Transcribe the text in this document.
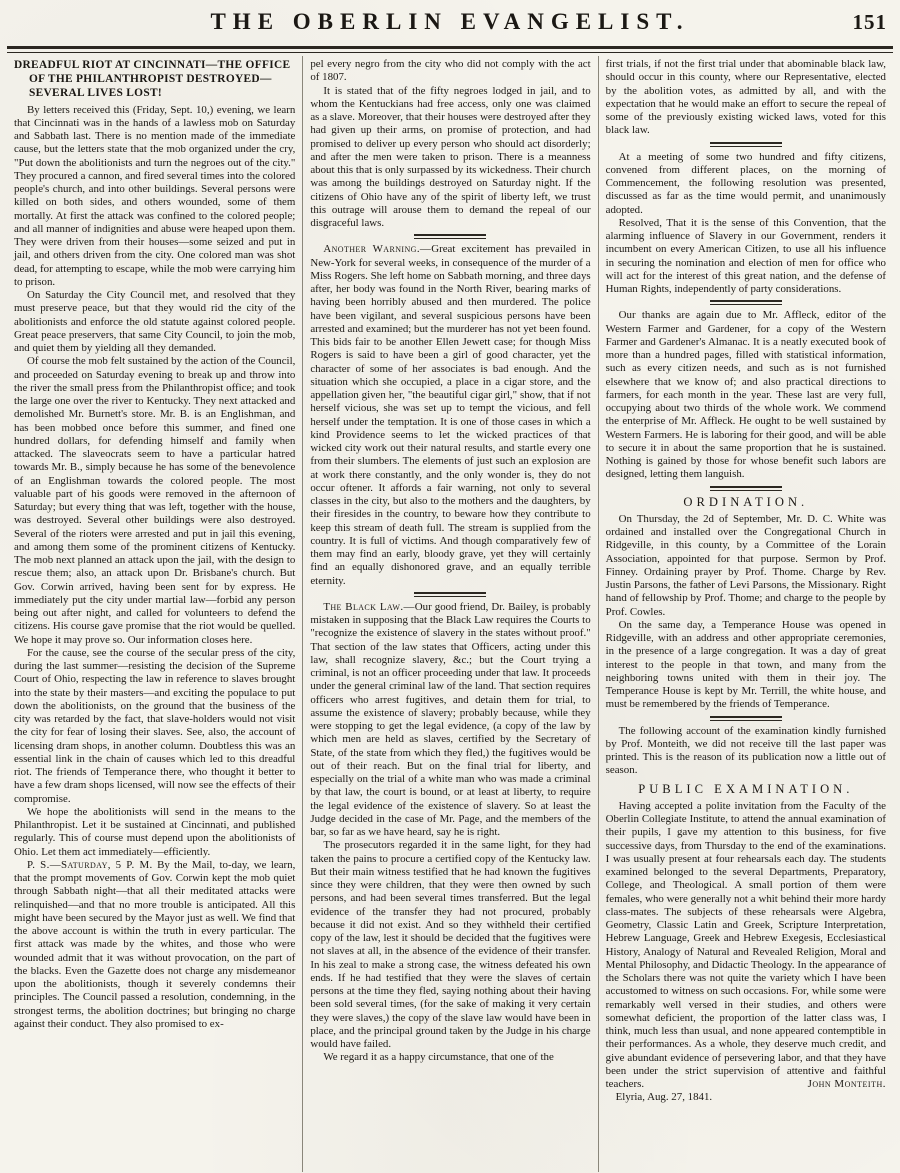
THE OBERLIN EVANGELIST.	151

DREADFUL RIOT AT CINCINNATI—THE OFFICE OF THE PHILANTHROPIST DESTROYED—SEVERAL LIVES LOST!

By letters received this (Friday, Sept. 10,) evening, we learn that Cincinnati was in the hands of a lawless mob on Saturday and Sabbath last. There is no mention made of the immediate cause, but the letters state that the mob organized under the cry, "Put down the abolitionists and turn the negroes out of the city." They procured a cannon, and fired several times into the colored people's church, and into other buildings. Several persons were killed on both sides, and others wounded, some of them mortally. At first the attack was confined to the colored people; and all manner of indignities and abuse were heaped upon them. They were driven from their houses—some seized and put in jail, and others driven from the city. One colored man was shot dead, for attempting to escape, while the mob were carrying him to prison.

On Saturday the City Council met, and resolved that they must preserve peace, but that they would rid the city of the abolitionists and enforce the old statute against colored people. Great peace preservers, that same City Council, to join the mob, and quiet them by yielding all they demanded.

Of course the mob felt sustained by the action of the Council, and proceeded on Saturday evening to break up and throw into the river the small press from the Philanthropist office; and took the large one over the river to Kentucky. They next attacked and demolished Mr. Burnett's store. Mr. B. is an Englishman, and has been mobbed once before this summer, and fined one hundred dollars, for defending himself and family when attacked. The slaveocrats seem to have a particular hatred towards Mr. B., simply because he has some of the benevolence of an Englishman towards the colored people. The most valuable part of his goods were removed in the afternoon of Saturday; but every thing that was left, together with the house, was destroyed. Several other buildings were also destroyed. Several of the rioters were arrested and put in jail this evening, and among them some of the prominent citizens of Kentucky. The mob next planned an attack upon the jail, with the design to rescue them; also, an attack upon Dr. Brisbane's church. But Gov. Corwin arrived, having been sent for by express. He immediately put the city under martial law—forbid any person being out after night, and called for volunteers to defend the citizens. His course gave promise that the riot would be quelled. We hope it may prove so. Our information closes here.

For the cause, see the course of the secular press of the city, during the last summer—resisting the decision of the Supreme Court of Ohio, respecting the law in reference to slaves brought into the state by their masters—and exciting the populace to put down the abolitionists, on the ground that the business of the city was retarded by the fact, that slave-holders would not visit the city for fear of losing their slaves. See, also, the account of licensing dram shops, in another column. Doubtless this was an essential link in the chain of causes which led to this dreadful riot. The friends of Temperance there, who thought it better to have a few dram shops licensed, will now see the effects of their compromise.

We hope the abolitionists will send in the means to the Philanthropist. Let it be sustained at Cincinnati, and published regularly. This of course must depend upon the abolitionists of Ohio. Let them act immediately—efficiently.

P. S.—Saturday, 5 P. M. By the Mail, to-day, we learn, that the prompt movements of Gov. Corwin kept the mob quiet through Sabbath night—that all their meditated attacks were relinquished—and that no more trouble is anticipated. All this might have been secured by the Mayor just as well. We find that the above account is within the truth in every particular. The first attack was made by the whites, and those who were wounded admit that it was without provocation, on the part of the blacks. Even the Gazette does not charge any misdemeanor upon the abolitionists, though it severely condemns their principles. The Council passed a resolution, condemning, in the strongest terms, the abolition doctrines; but bringing no charge against their conduct. They also promised to ex-

pel every negro from the city who did not comply with the act of 1807.

It is stated that of the fifty negroes lodged in jail, and to whom the Kentuckians had free access, only one was claimed as a slave. Moreover, that their houses were destroyed after they had given up their arms, on promise of protection, and had promised to deliver up every person who should act disorderly; and after the men were taken to prison. There is a meanness about this that is only surpassed by its wickedness. Their church was among the buildings destroyed on Saturday night. If the citizens of Ohio have any of the spirit of liberty left, we trust this outrage will arouse them to demand the repeal of our disgraceful laws.

Another Warning.—Great excitement has prevailed in New-York for several weeks, in consequence of the murder of a Miss Rogers. She left home on Sabbath morning, and three days after, her body was found in the North River, bearing marks of having been horribly abused and then murdered. The police have been vigilant, and several suspicious persons have been arrested and examined; but the murderer has not yet been found. This bids fair to be another Ellen Jewett case; for though Miss Rogers is said to have been a girl of good character, yet the character of some of her associates is bad enough. And the situation which she occupied, a place in a cigar store, and the appellation given her, "the beautiful cigar girl," show, that if not herself vicious, she was set up to tempt the vicious, and fell herself under the temptation. It is one of those cases in which a kind Providence seems to let the wicked practices of that wicked city work out their natural results, and startle every one from their slumbers. The elements of just such an explosion are at work there constantly, and the only wonder is, they do not occur oftener. It affords a fair warning, not only to several classes in the city, but also to the mothers and the daughters, by their firesides in the country, to beware how they contribute to keep this stream of death full. The stream is supplied from the country. It is full of victims. And though comparatively few of them may find an early, bloody grave, yet they will certainly find an equally dishonored grave, and an equally terrible eternity.

The Black Law.—Our good friend, Dr. Bailey, is probably mistaken in supposing that the Black Law requires the Courts to "recognize the existence of slavery in the states without proof." That section of the law states that Officers, acting under this law, shall recognize slavery, &c.; but the Court trying a criminal, is not an officer proceeding under that law. It proceeds under the general criminal law of the land. That section requires officers who arrest fugitives, and detain them for trial, to assume the existence of slavery; probably because, while they were stopping to get the legal evidence, (a copy of the law by which men are held as slaves, certified by the Secretary of State, of the state from which they fled,) the fugitives would be out of their reach. But on the final trial for liberty, and especially on the trial of a white man who was made a criminal by that law, the court is bound, or at least at liberty, to require the legal evidence of the existence of slavery. So at least the Judge decided in the case of Mr. Page, and the members of the bar, so far as we have heard, say he is right.

The prosecutors regarded it in the same light, for they had taken the pains to procure a certified copy of the Kentucky law. But their main witness testified that he had known the fugitives since they were children, that they were then owned by such persons, and had been several times transferred. But the legal evidence of the transfer they had not procured, probably because it did not exist. And so they withheld their certified copy of the law, lest it should be decided that the fugitives were not slaves at all, in the absence of the evidence of their transfer. In his zeal to make a strong case, the witness defeated his own ends. If he had testified that they were the slaves of certain persons at the time they fled, saying nothing about their having been sold several times, (for the sake of making it very certain they were slaves,) the copy of the slave law would have been in place, and the principal ground taken by the Judge in his charge would have failed.

We regard it as a happy circumstance, that one of the

first trials, if not the first trial under that abominable black law, should occur in this county, where our Representative, elected by the abolition votes, as admitted by all, and with the expectation that he would make an effort to secure the repeal of some of the previously existing wicked laws, voted for this black law.

At a meeting of some two hundred and fifty citizens, convened from different places, on the morning of Commencement, the following resolution was presented, discussed as far as the time would permit, and unanimously adopted.

Resolved, That it is the sense of this Convention, that the alarming influence of Slavery in our Government, renders it incumbent on every American Citizen, to use all his influence in securing the nomination and election of men for office who will act for the interest of this great nation, and the defense of Human Rights, independently of party considerations.

Our thanks are again due to Mr. Affleck, editor of the Western Farmer and Gardener, for a copy of the Western Farmer and Gardener's Almanac. It is a neatly executed book of more than a hundred pages, filled with statistical information, such as every citizen needs, and such as is not furnished elsewhere that we know of; and also practical directions to farmers, for each month in the year. These last are very full, occupying about two thirds of the whole work. We commend the enterprise of Mr. Affleck. He ought to be well sustained by Western Farmers. He is laboring for their good, and will be able to secure it in about the same proportion that he is sustained. Nothing is gained by those for whose benefit such labors are designed, letting them languish.

ORDINATION.

On Thursday, the 2d of September, Mr. D. C. White was ordained and installed over the Congregational Church in Ridgeville, in this county, by a Committee of the Lorain Association, appointed for that purpose. Sermon by Prof. Finney. Ordaining prayer by Prof. Thome. Charge by Rev. Justin Parsons, the father of Levi Parsons, the Missionary. Right hand of fellowship by Prof. Thome; and charge to the people by Prof. Cowles.

On the same day, a Temperance House was opened in Ridgeville, with an address and other appropriate ceremonies, in the presence of a large congregation. It was a day of great interest to the people in that town, and many from the neighboring towns united with them in their joy. The Temperance House is kept by Mr. Terrill, the white house, and must be remembered by the friends of Temperance.

The following account of the examination kindly furnished by Prof. Monteith, we did not receive till the last paper was printed. This is the reason of its publication now a little out of season.

PUBLIC EXAMINATION.

Having accepted a polite invitation from the Faculty of the Oberlin Collegiate Institute, to attend the annual examination of their pupils, I gave my attention to this business, for five successive days, from Thursday to the end of the examinations. I was usually present at four rehearsals each day. The students examined belonged to the several Departments, Preparatory, College, and Theological. A small portion of them were females, who were generally not a whit behind their more hardy class-mates. The subjects of these rehearsals were Algebra, Geometry, Classic Latin and Greek, Scripture Interpretation, Hebrew Language, Greek and Hebrew Exegesis, Ecclesiastical History, Analogy of Natural and Revealed Religion, Moral and Mental Philosophy, and Didactic Theology. In the appearance of the Scholars there was not quite the variety which I have been accustomed to witness on such occasions. For, while some were remarkably well versed in their studies, and others were somewhat deficient, the proportion of the latter class was, I think, much less than usual, and none appeared contemptible in their performances. As a whole, they deserve much credit, and give abundant evidence of persevering labor, and that they have been under the strict supervision of attentive and faithful teachers.	John Monteith.

Elyria, Aug. 27, 1841.
